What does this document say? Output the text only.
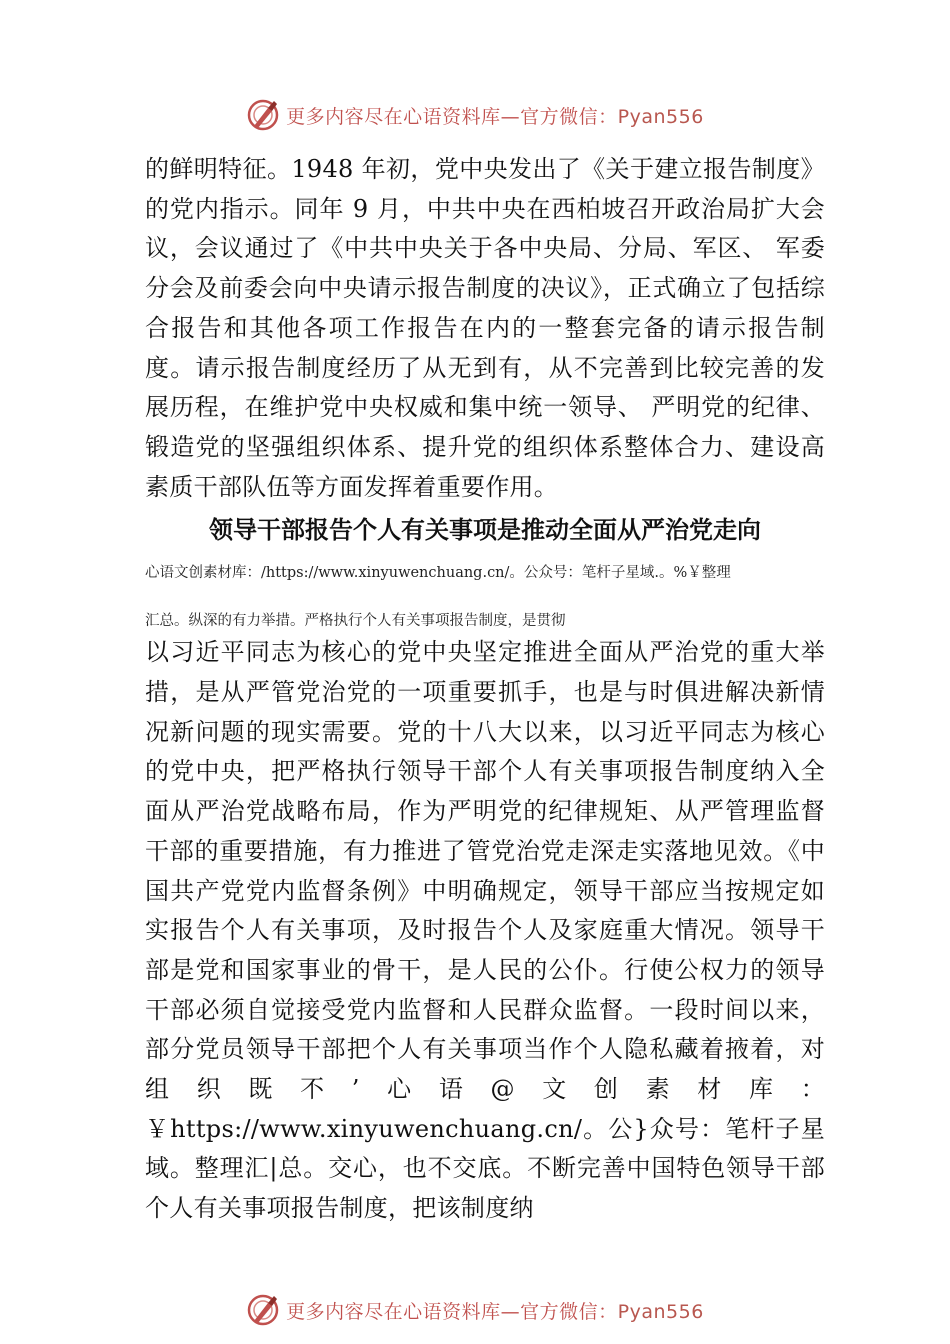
更多内容尽在心语资料库—官方微信：Pyan556

的鲜明特征。1948 年初，党中央发出了《关于建立报告制度》的党内指示。同年 9 月，中共中央在西柏坡召开政治局扩大会议，会议通过了《中共中央关于各中央局、分局、军区、 军委分会及前委会向中央请示报告制度的决议》，正式确立了包括综合报告和其他各项工作报告在内的一整套完备的请示报告制度。请示报告制度经历了从无到有，从不完善到比较完善的发展历程，在维护党中央权威和集中统一领导、 严明党的纪律、锻造党的坚强组织体系、提升党的组织体系整体合力、建设高素质干部队伍等方面发挥着重要作用。

领导干部报告个人有关事项是推动全面从严治党走向

心语文创素材库：/https://www.xinyuwenchuang.cn/。公众号：笔杆子星域.。%￥整理

汇总。纵深的有力举措。严格执行个人有关事项报告制度，是贯彻

以习近平同志为核心的党中央坚定推进全面从严治党的重大举措，是从严管党治党的一项重要抓手，也是与时俱进解决新情况新问题的现实需要。党的十八大以来，以习近平同志为核心的党中央，把严格执行领导干部个人有关事项报告制度纳入全面从严治党战略布局，作为严明党的纪律规矩、从严管理监督干部的重要措施，有力推进了管党治党走深走实落地见效。《中国共产党党内监督条例》中明确规定，领导干部应当按规定如实报告个人有关事项，及时报告个人及家庭重大情况。领导干部是党和国家事业的骨干，是人民的公仆。行使公权力的领导干部必须自觉接受党内监督和人民群众监督。一段时间以来，部分党员领导干部把个人有关事项当作个人隐私藏着掖着，对组织既不’心语@文创素材库：￥https://www.xinyuwenchuang.cn/。公}众号：笔杆子星域。整理汇|总。交心，也不交底。不断完善中国特色领导干部个人有关事项报告制度，把该制度纳

更多内容尽在心语资料库—官方微信：Pyan556
